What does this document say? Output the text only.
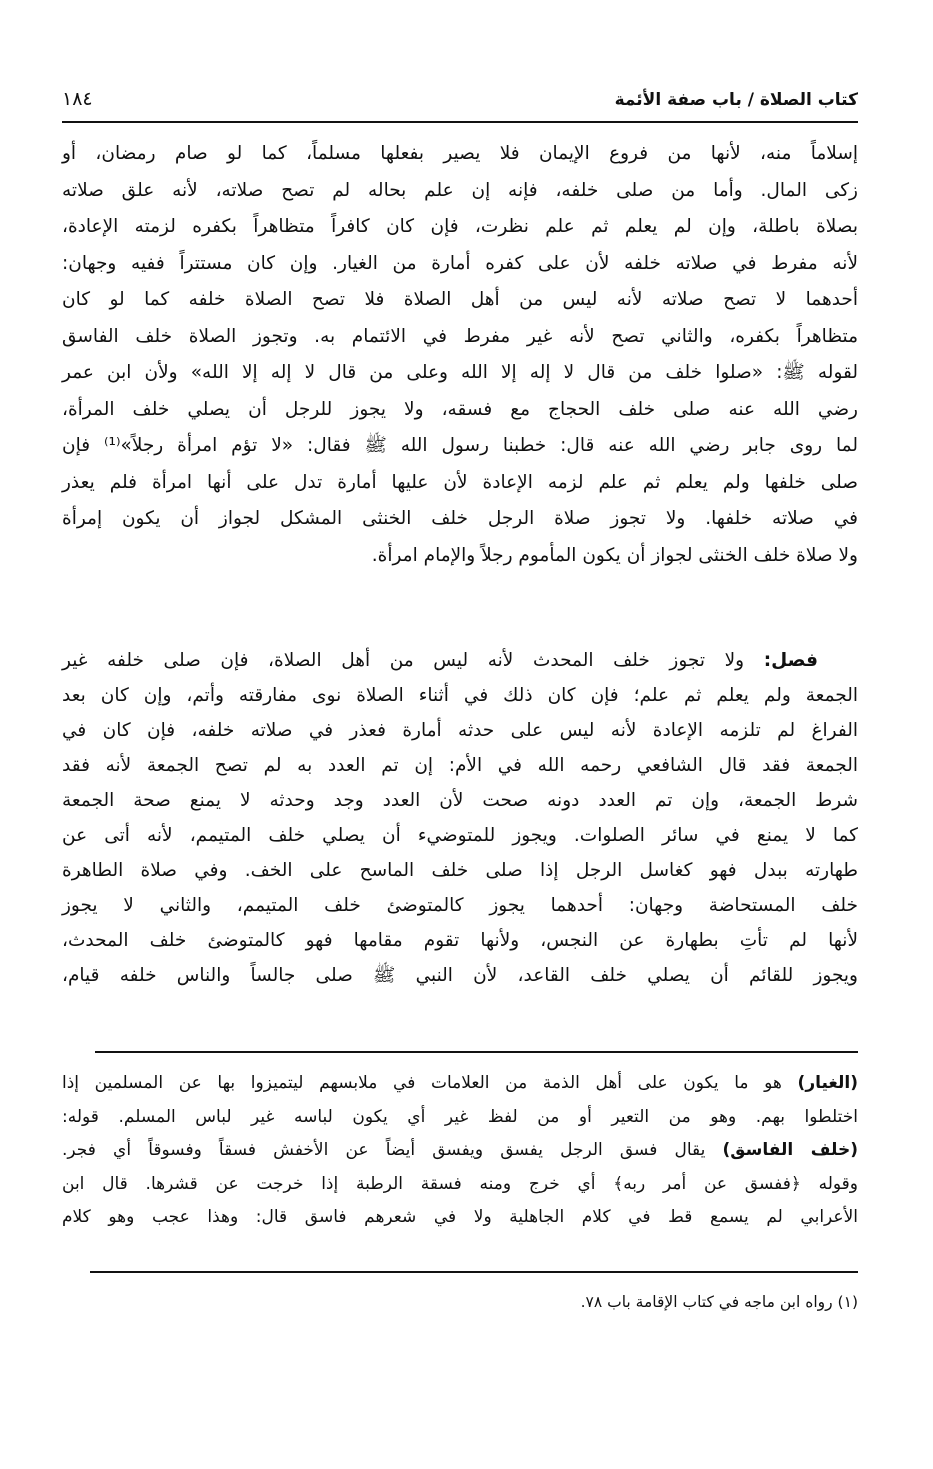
كتاب الصلاة / باب صفة الأئمة
١٨٤
إسلاماً منه، لأنها من فروع الإيمان فلا يصير بفعلها مسلماً، كما لو صام رمضان، أو
زكى المال. وأما من صلى خلفه، فإنه إن علم بحاله لم تصح صلاته، لأنه علق صلاته
بصلاة باطلة، وإن لم يعلم ثم علم نظرت، فإن كان كافراً متظاهراً بكفره لزمته الإعادة،
لأنه مفرط في صلاته خلفه لأن على كفره أمارة من الغيار. وإن كان مستتراً ففيه وجهان:
أحدهما لا تصح صلاته لأنه ليس من أهل الصلاة فلا تصح الصلاة خلفه كما لو كان
متظاهراً بكفره، والثاني تصح لأنه غير مفرط في الائتمام به. وتجوز الصلاة خلف الفاسق
لقوله ﷺ: «صلوا خلف من قال لا إله إلا الله وعلى من قال لا إله إلا الله» ولأن ابن عمر
رضي الله عنه صلى خلف الحجاج مع فسقه، ولا يجوز للرجل أن يصلي خلف المرأة،
لما روى جابر رضي الله عنه قال: خطبنا رسول الله ﷺ فقال: «لا تؤم امرأة رجلاً»⁽¹⁾ فإن
صلى خلفها ولم يعلم ثم علم لزمه الإعادة لأن عليها أمارة تدل على أنها امرأة فلم يعذر
في صلاته خلفها. ولا تجوز صلاة الرجل خلف الخنثى المشكل لجواز أن يكون إمرأة
ولا صلاة خلف الخنثى لجواز أن يكون المأموم رجلاً والإمام امرأة.
فصل: ولا تجوز خلف المحدث لأنه ليس من أهل الصلاة، فإن صلى خلفه غير
الجمعة ولم يعلم ثم علم؛ فإن كان ذلك في أثناء الصلاة نوى مفارقته وأتم، وإن كان بعد
الفراغ لم تلزمه الإعادة لأنه ليس على حدثه أمارة فعذر في صلاته خلفه، فإن كان في
الجمعة فقد قال الشافعي رحمه الله في الأم: إن تم العدد به لم تصح الجمعة لأنه فقد
شرط الجمعة، وإن تم العدد دونه صحت لأن العدد وجد وحدثه لا يمنع صحة الجمعة
كما لا يمنع في سائر الصلوات. ويجوز للمتوضيء أن يصلي خلف المتيمم، لأنه أتى عن
طهارته ببدل فهو كغاسل الرجل إذا صلى خلف الماسح على الخف. وفي صلاة الطاهرة
خلف المستحاضة وجهان: أحدهما يجوز كالمتوضئ خلف المتيمم، والثاني لا يجوز
لأنها لم تأتِ بطهارة عن النجس، ولأنها تقوم مقامها فهو كالمتوضئ خلف المحدث،
ويجوز للقائم أن يصلي خلف القاعد، لأن النبي ﷺ صلى جالساً والناس خلفه قيام،
(الغيار) هو ما يكون على أهل الذمة من العلامات في ملابسهم ليتميزوا بها عن المسلمين إذا
اختلطوا بهم. وهو من التعير أو من لفظ غير أي يكون لباسه غير لباس المسلم. قوله:
(خلف الفاسق) يقال فسق الرجل يفسق ويفسق أيضاً عن الأخفش فسقاً وفسوقاً أي فجر.
وقوله ﴿ففسق عن أمر ربه﴾ أي خرج ومنه فسقة الرطبة إذا خرجت عن قشرها. قال ابن
الأعرابي لم يسمع قط في كلام الجاهلية ولا في شعرهم فاسق قال: وهذا عجب وهو كلام
(١) رواه ابن ماجه في كتاب الإقامة باب ٧٨.
